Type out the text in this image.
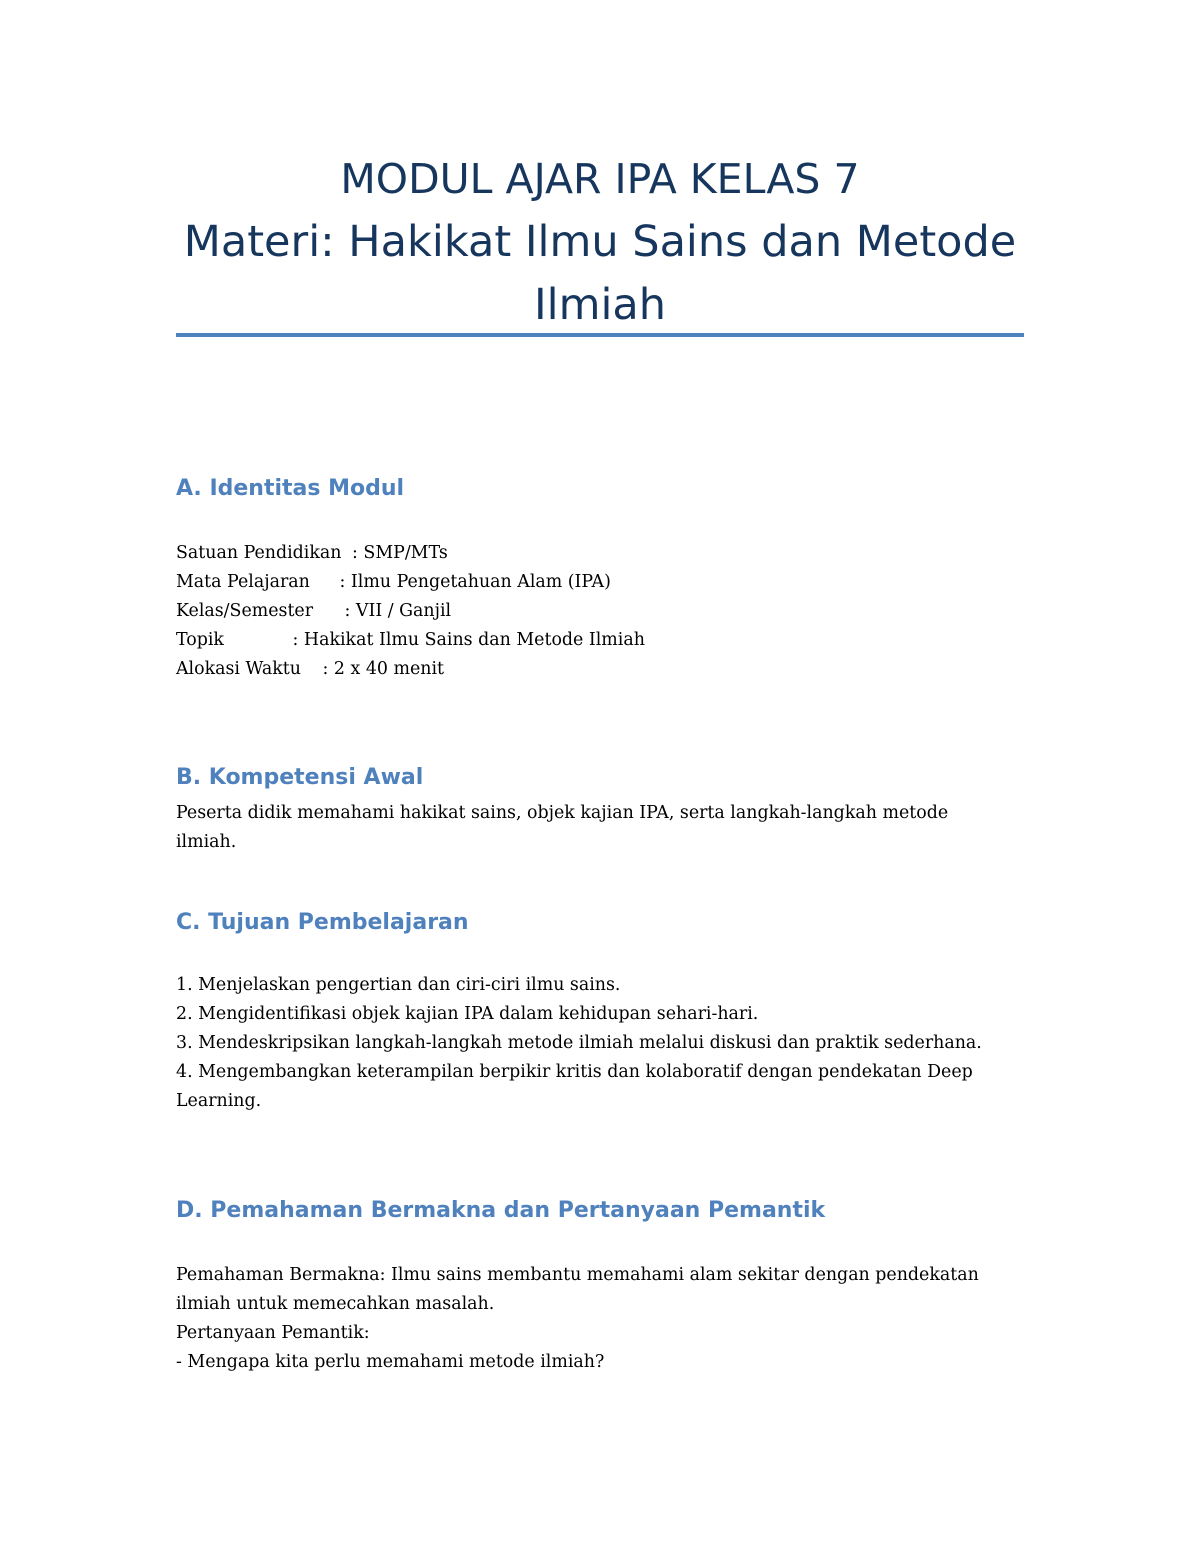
MODUL AJAR IPA KELAS 7
Materi: Hakikat Ilmu Sains dan Metode
Ilmiah
A. Identitas Modul
Satuan Pendidikan : SMP/MTs
Mata Pelajaran : Ilmu Pengetahuan Alam (IPA)
Kelas/Semester : VII / Ganjil
Topik	: Hakikat Ilmu Sains dan Metode Ilmiah
Alokasi Waktu : 2 x 40 menit
B. Kompetensi Awal
Peserta didik memahami hakikat sains, objek kajian IPA, serta langkah-langkah metode
ilmiah.
C. Tujuan Pembelajaran
1. Menjelaskan pengertian dan ciri-ciri ilmu sains.
2. Mengidentifikasi objek kajian IPA dalam kehidupan sehari-hari.
3. Mendeskripsikan langkah-langkah metode ilmiah melalui diskusi dan praktik sederhana.
4. Mengembangkan keterampilan berpikir kritis dan kolaboratif dengan pendekatan Deep
Learning.
D. Pemahaman Bermakna dan Pertanyaan Pemantik
Pemahaman Bermakna: Ilmu sains membantu memahami alam sekitar dengan pendekatan
ilmiah untuk memecahkan masalah.
Pertanyaan Pemantik:
- Mengapa kita perlu memahami metode ilmiah?
